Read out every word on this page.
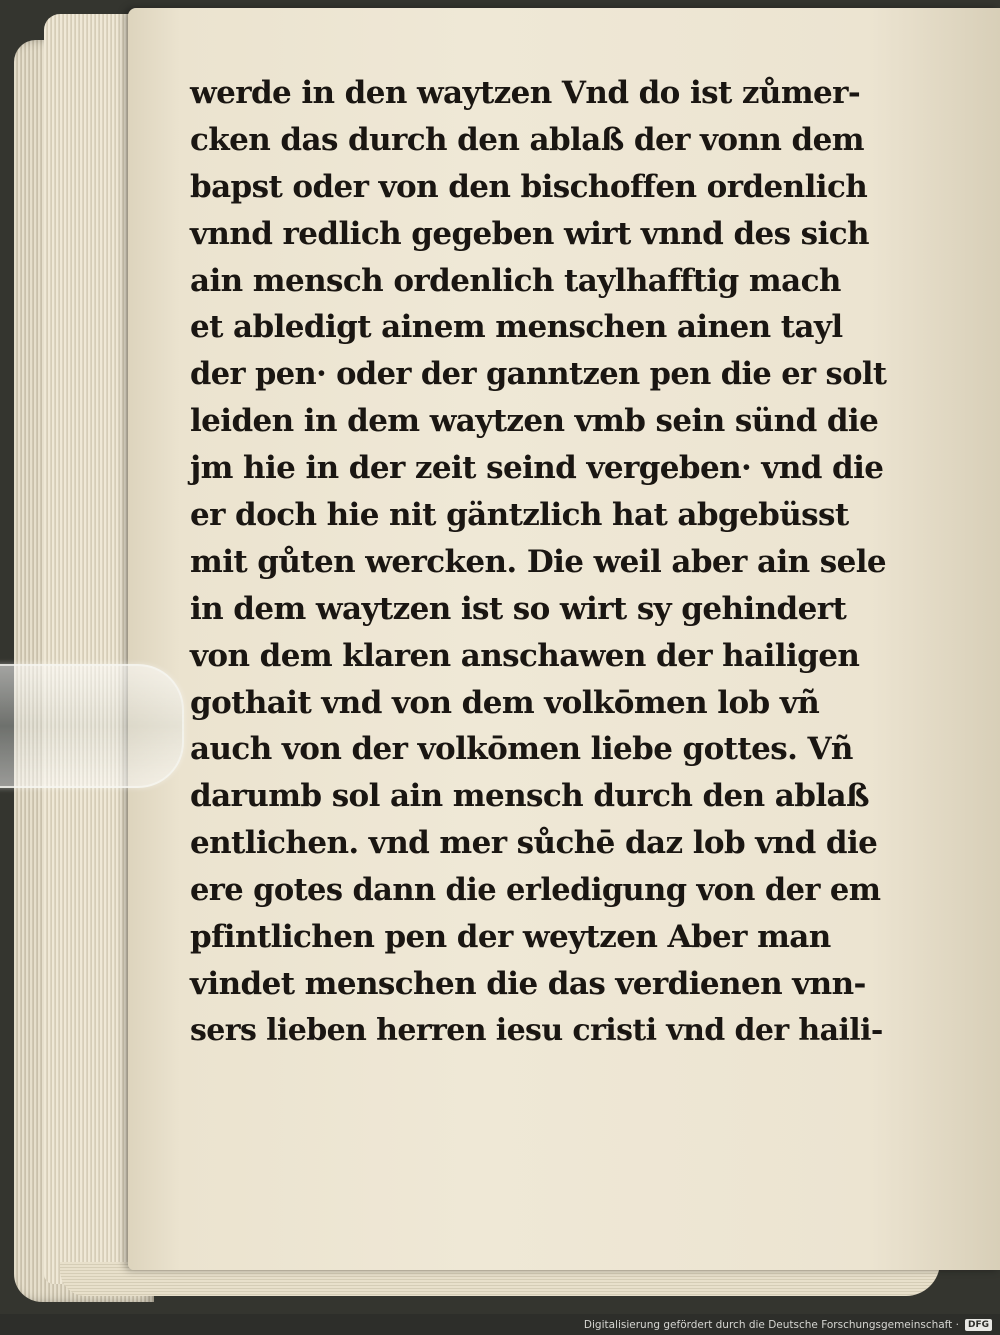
werde in den waytzen Vnd do ist zůmer-
cken das durch den ablaß der vonn dem
bapst oder von den bischoffen ordenlich
vnnd redlich gegeben wirt vnnd des sich
ain mensch ordenlich taylhafftig mach
et abledigt ainem menschen ainen tayl
der pen· oder der ganntzen pen die er solt
leiden in dem waytzen vmb sein sünd die
jm hie in der zeit seind vergeben· vnd die
er doch hie nit gäntzlich hat abgebüsst
mit gůten wercken. Die weil aber ain sele
in dem waytzen ist so wirt sy gehindert
von dem klaren anschawen der hailigen
gothait vnd von dem volkōmen lob vñ
auch von der volkōmen liebe gottes. Vñ
darumb sol ain mensch durch den ablaß
entlichen. vnd mer sůchē daz lob vnd die
ere gotes dann die erledigung von der em
pfintlichen pen der weytzen Aber man
vindet menschen die das verdienen vnn-
sers lieben herren iesu cristi vnd der haili-
Digitalisierung gefördert durch die Deutsche Forschungsgemeinschaft ·	DFG
